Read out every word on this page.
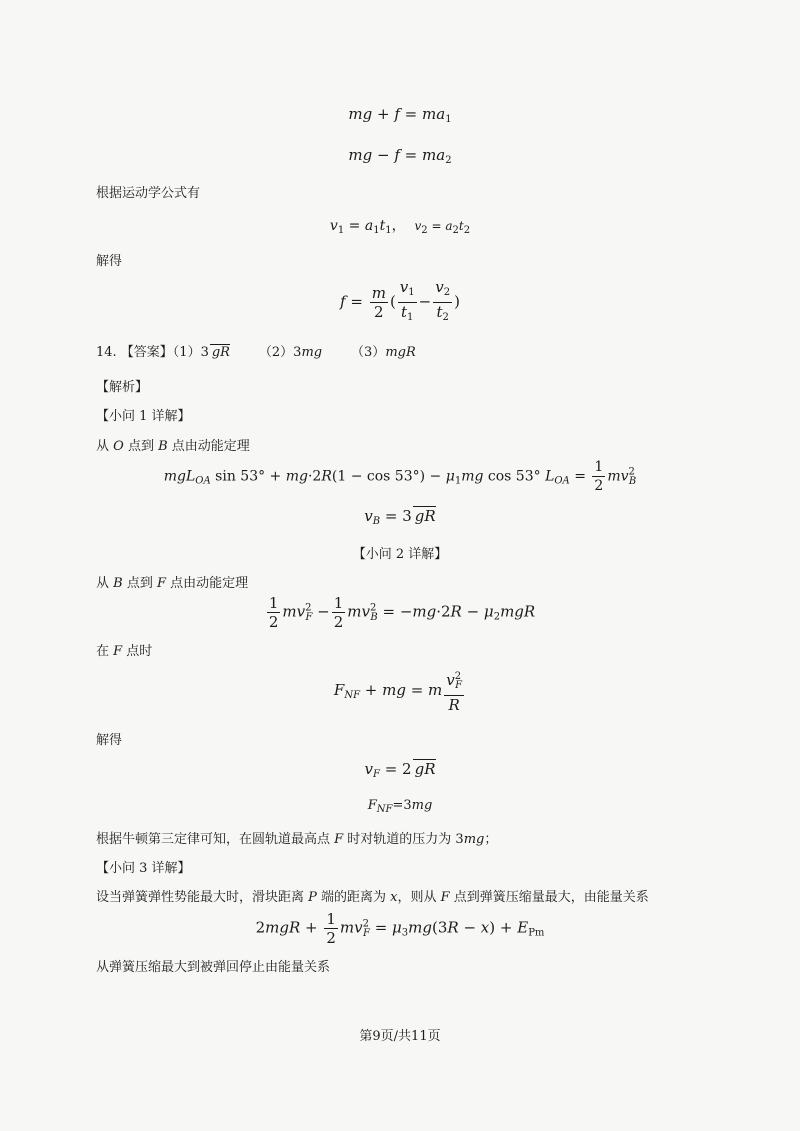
mg + $f = ma_1$
mg − $f = ma_2$
根据运动学公式有
$v_1 = a_1t_1$， $v_2 = a_2t_2$
解得
$f = \frac{m}{2}$ ( $\frac{v_1}{t_1} - \frac{v_2}{t_2}$ )
14. 【答案】（1）3 gR       （2）3mg       （3）mgR
【解析】
【小问 1 详解】
从 O 点到 B 点由动能定理
mgL$_{OA}$ $\sin 53^\circ + mg\cdot 2R(1 - \cos 53^\circ) - \mu_1mg$ cos 53° $L_{OA} = \frac{1}{2} mv^2_B$
$v_B = 3$ gR
【小问 2 详解】
从 B 点到 F 点由动能定理
$\frac{1}{2} mv^2_F - \frac{1}{2} mv^2_B = -mg\cdot 2R - \mu_2mgR$
在 F 点时
$F_{NF}$ + mg = m $\frac{v^2_F}{R}$
解得
$v_F = 2$ gR
$F_{NF}=3mg$
根据牛顿第三定律可知，在圆轨道最高点 F 时对轨道的压力为 3mg；
【小问 3 详解】
设当弹簧弹性势能最大时，滑块距离 P 端的距离为 x，则从 F 点到弹簧压缩量最大，由能量关系
$2mgR + \frac{1}{2} mv^2_F = \mu_3mg(3R - x) + E_{Pm}$
从弹簧压缩最大到被弹回停止由能量关系
第9页/共11页
